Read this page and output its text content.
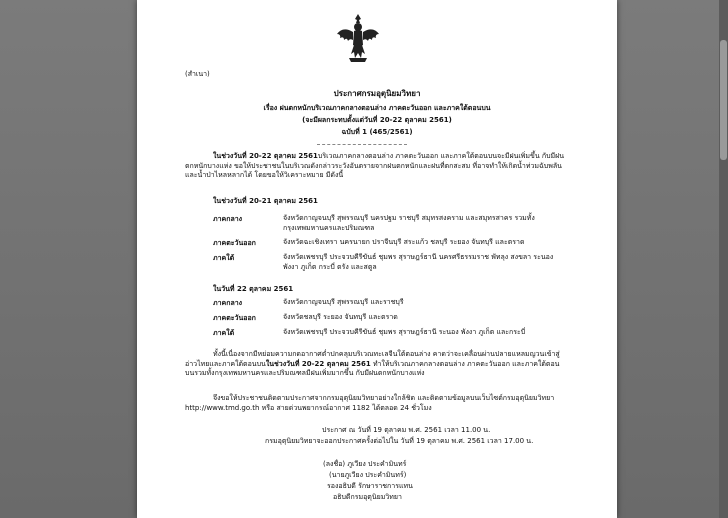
(สำเนา)
ประกาศกรมอุตุนิยมวิทยา
เรื่อง ฝนตกหนักบริเวณภาคกลางตอนล่าง ภาคตะวันออก และภาคใต้ตอนบน
(จะมีผลกระทบตั้งแต่วันที่ 20-22 ตุลาคม 2561)
ฉบับที่ 1 (465/2561)
ในช่วงวันที่ 20-22 ตุลาคม 2561บริเวณภาคกลางตอนล่าง ภาคตะวันออก และภาคใต้ตอนบนจะมีฝนเพิ่มขึ้น กับมีฝนตกหนักบางแห่ง ขอให้ประชาชนในบริเวณดังกล่าวระวังอันตรายจากฝนตกหนักและฝนที่ตกสะสม ที่อาจทำให้เกิดน้ำท่วมฉับพลัน และน้ำป่าไหลหลากได้ โดยขอให้วิเคราะหมาย มีดังนี้
ในช่วงวันที่ 20-21 ตุลาคม 2561
ภาคกลาง	จังหวัดกาญจนบุรี สุพรรณบุรี นครปฐม ราชบุรี สมุทรสงคราม และสมุทรสาคร รวมทั้งกรุงเทพมหานครและปริมณฑล
ภาคตะวันออก	จังหวัดฉะเชิงเทรา นครนายก ปราจีนบุรี สระแก้ว ชลบุรี ระยอง จันทบุรี และตราด
ภาคใต้	จังหวัดเพชรบุรี ประจวบคีรีขันธ์ ชุมพร สุราษฎร์ธานี นครศรีธรรมราช พัทลุง สงขลา ระนอง พังงา ภูเก็ต กระบี่ ตรัง และสตูล
ในวันที่ 22 ตุลาคม 2561
ภาคกลาง	จังหวัดกาญจนบุรี สุพรรณบุรี และราชบุรี
ภาคตะวันออก	จังหวัดชลบุรี ระยอง จันทบุรี และตราด
ภาคใต้	จังหวัดเพชรบุรี ประจวบคีรีขันธ์ ชุมพร สุราษฎร์ธานี ระนอง พังงา ภูเก็ต และกระบี่
ทั้งนี้เนื่องจากมีหย่อมความกดอากาศต่ำปกคลุมบริเวณทะเลจีนใต้ตอนล่าง คาดว่าจะเคลื่อนผ่านปลายแหลมญวนเข้าสู่อ่าวไทยและภาคใต้ตอนบนในช่วงวันที่ 20-22 ตุลาคม 2561 ทำให้บริเวณภาคกลางตอนล่าง ภาคตะวันออก และภาคใต้ตอนบนรวมทั้งกรุงเทพมหานครและปริมณฑลมีฝนเพิ่มมากขึ้น กับมีฝนตกหนักบางแห่ง
จึงขอให้ประชาชนติดตามประกาศจากกรมอุตุนิยมวิทยาอย่างใกล้ชิด และติดตามข้อมูลบนเว็บไซต์กรมอุตุนิยมวิทยา http://www.tmd.go.th หรือ สายด่วนพยากรณ์อากาศ 1182 ได้ตลอด 24 ชั่วโมง
ประกาศ ณ วันที่ 19 ตุลาคม พ.ศ. 2561 เวลา 11.00 น.
กรมอุตุนิยมวิทยาจะออกประกาศครั้งต่อไปใน วันที่ 19 ตุลาคม พ.ศ. 2561 เวลา 17.00 น.
(ลงชื่อ) ภูเวียง ประคำมินทร์
(นายภูเวียง ประคำมินทร์)
รองอธิบดี รักษาราชการแทน
อธิบดีกรมอุตุนิยมวิทยา
